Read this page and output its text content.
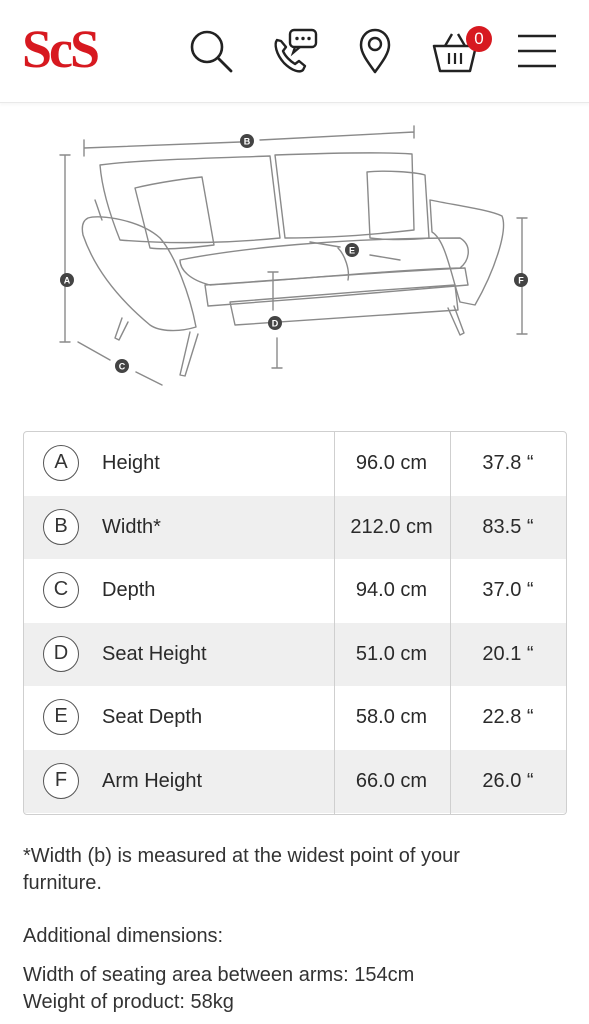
ScS	0
A
B
C
D
E
F
A	Height	96.0 cm	37.8 “
B	Width*	212.0 cm	83.5 “
C	Depth	94.0 cm	37.0 “
D	Seat Height	51.0 cm	20.1 “
E	Seat Depth	58.0 cm	22.8 “
F	Arm Height	66.0 cm	26.0 “
*Width (b) is measured at the widest point of your furniture.
Additional dimensions:
Width of seating area between arms: 154cm
Weight of product: 58kg
